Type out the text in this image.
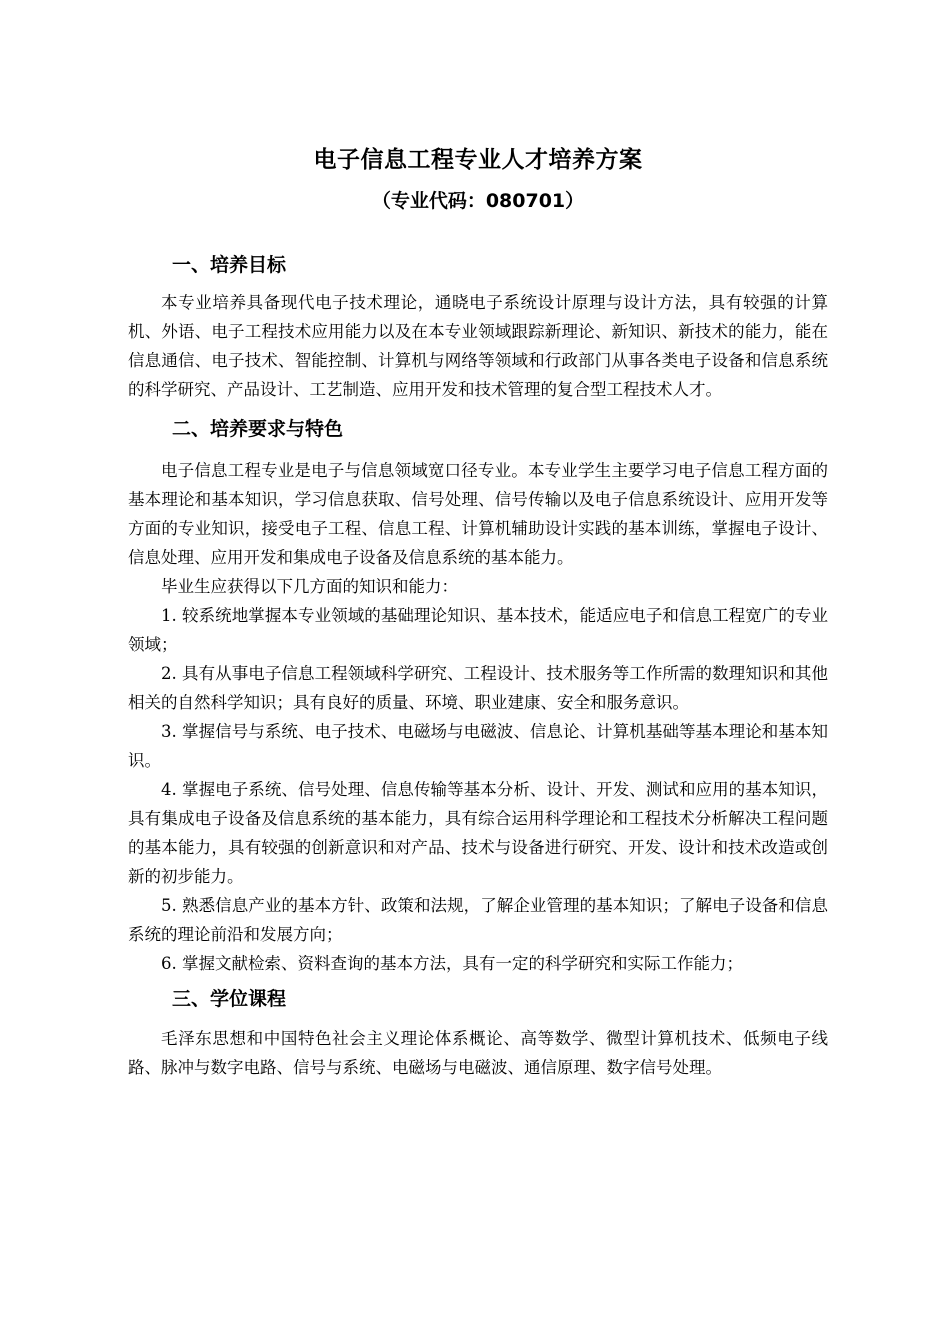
电子信息工程专业人才培养方案
（专业代码：080701）
一、培养目标

本专业培养具备现代电子技术理论，通晓电子系统设计原理与设计方法，具有较强的计算机、外语、电子工程技术应用能力以及在本专业领域跟踪新理论、新知识、新技术的能力，能在信息通信、电子技术、智能控制、计算机与网络等领域和行政部门从事各类电子设备和信息系统的科学研究、产品设计、工艺制造、应用开发和技术管理的复合型工程技术人才。

二、培养要求与特色

电子信息工程专业是电子与信息领域宽口径专业。本专业学生主要学习电子信息工程方面的基本理论和基本知识，学习信息获取、信号处理、信号传输以及电子信息系统设计、应用开发等方面的专业知识，接受电子工程、信息工程、计算机辅助设计实践的基本训练，掌握电子设计、信息处理、应用开发和集成电子设备及信息系统的基本能力。

毕业生应获得以下几方面的知识和能力：

1. 较系统地掌握本专业领域的基础理论知识、基本技术，能适应电子和信息工程宽广的专业领域；

2. 具有从事电子信息工程领域科学研究、工程设计、技术服务等工作所需的数理知识和其他相关的自然科学知识；具有良好的质量、环境、职业建康、安全和服务意识。

3. 掌握信号与系统、电子技术、电磁场与电磁波、信息论、计算机基础等基本理论和基本知识。

4. 掌握电子系统、信号处理、信息传输等基本分析、设计、开发、测试和应用的基本知识，具有集成电子设备及信息系统的基本能力，具有综合运用科学理论和工程技术分析解决工程问题的基本能力，具有较强的创新意识和对产品、技术与设备进行研究、开发、设计和技术改造或创新的初步能力。

5. 熟悉信息产业的基本方针、政策和法规，了解企业管理的基本知识；了解电子设备和信息系统的理论前沿和发展方向；

6. 掌握文献检索、资料查询的基本方法，具有一定的科学研究和实际工作能力；

三、学位课程

毛泽东思想和中国特色社会主义理论体系概论、高等数学、微型计算机技术、低频电子线路、脉冲与数字电路、信号与系统、电磁场与电磁波、通信原理、数字信号处理。
